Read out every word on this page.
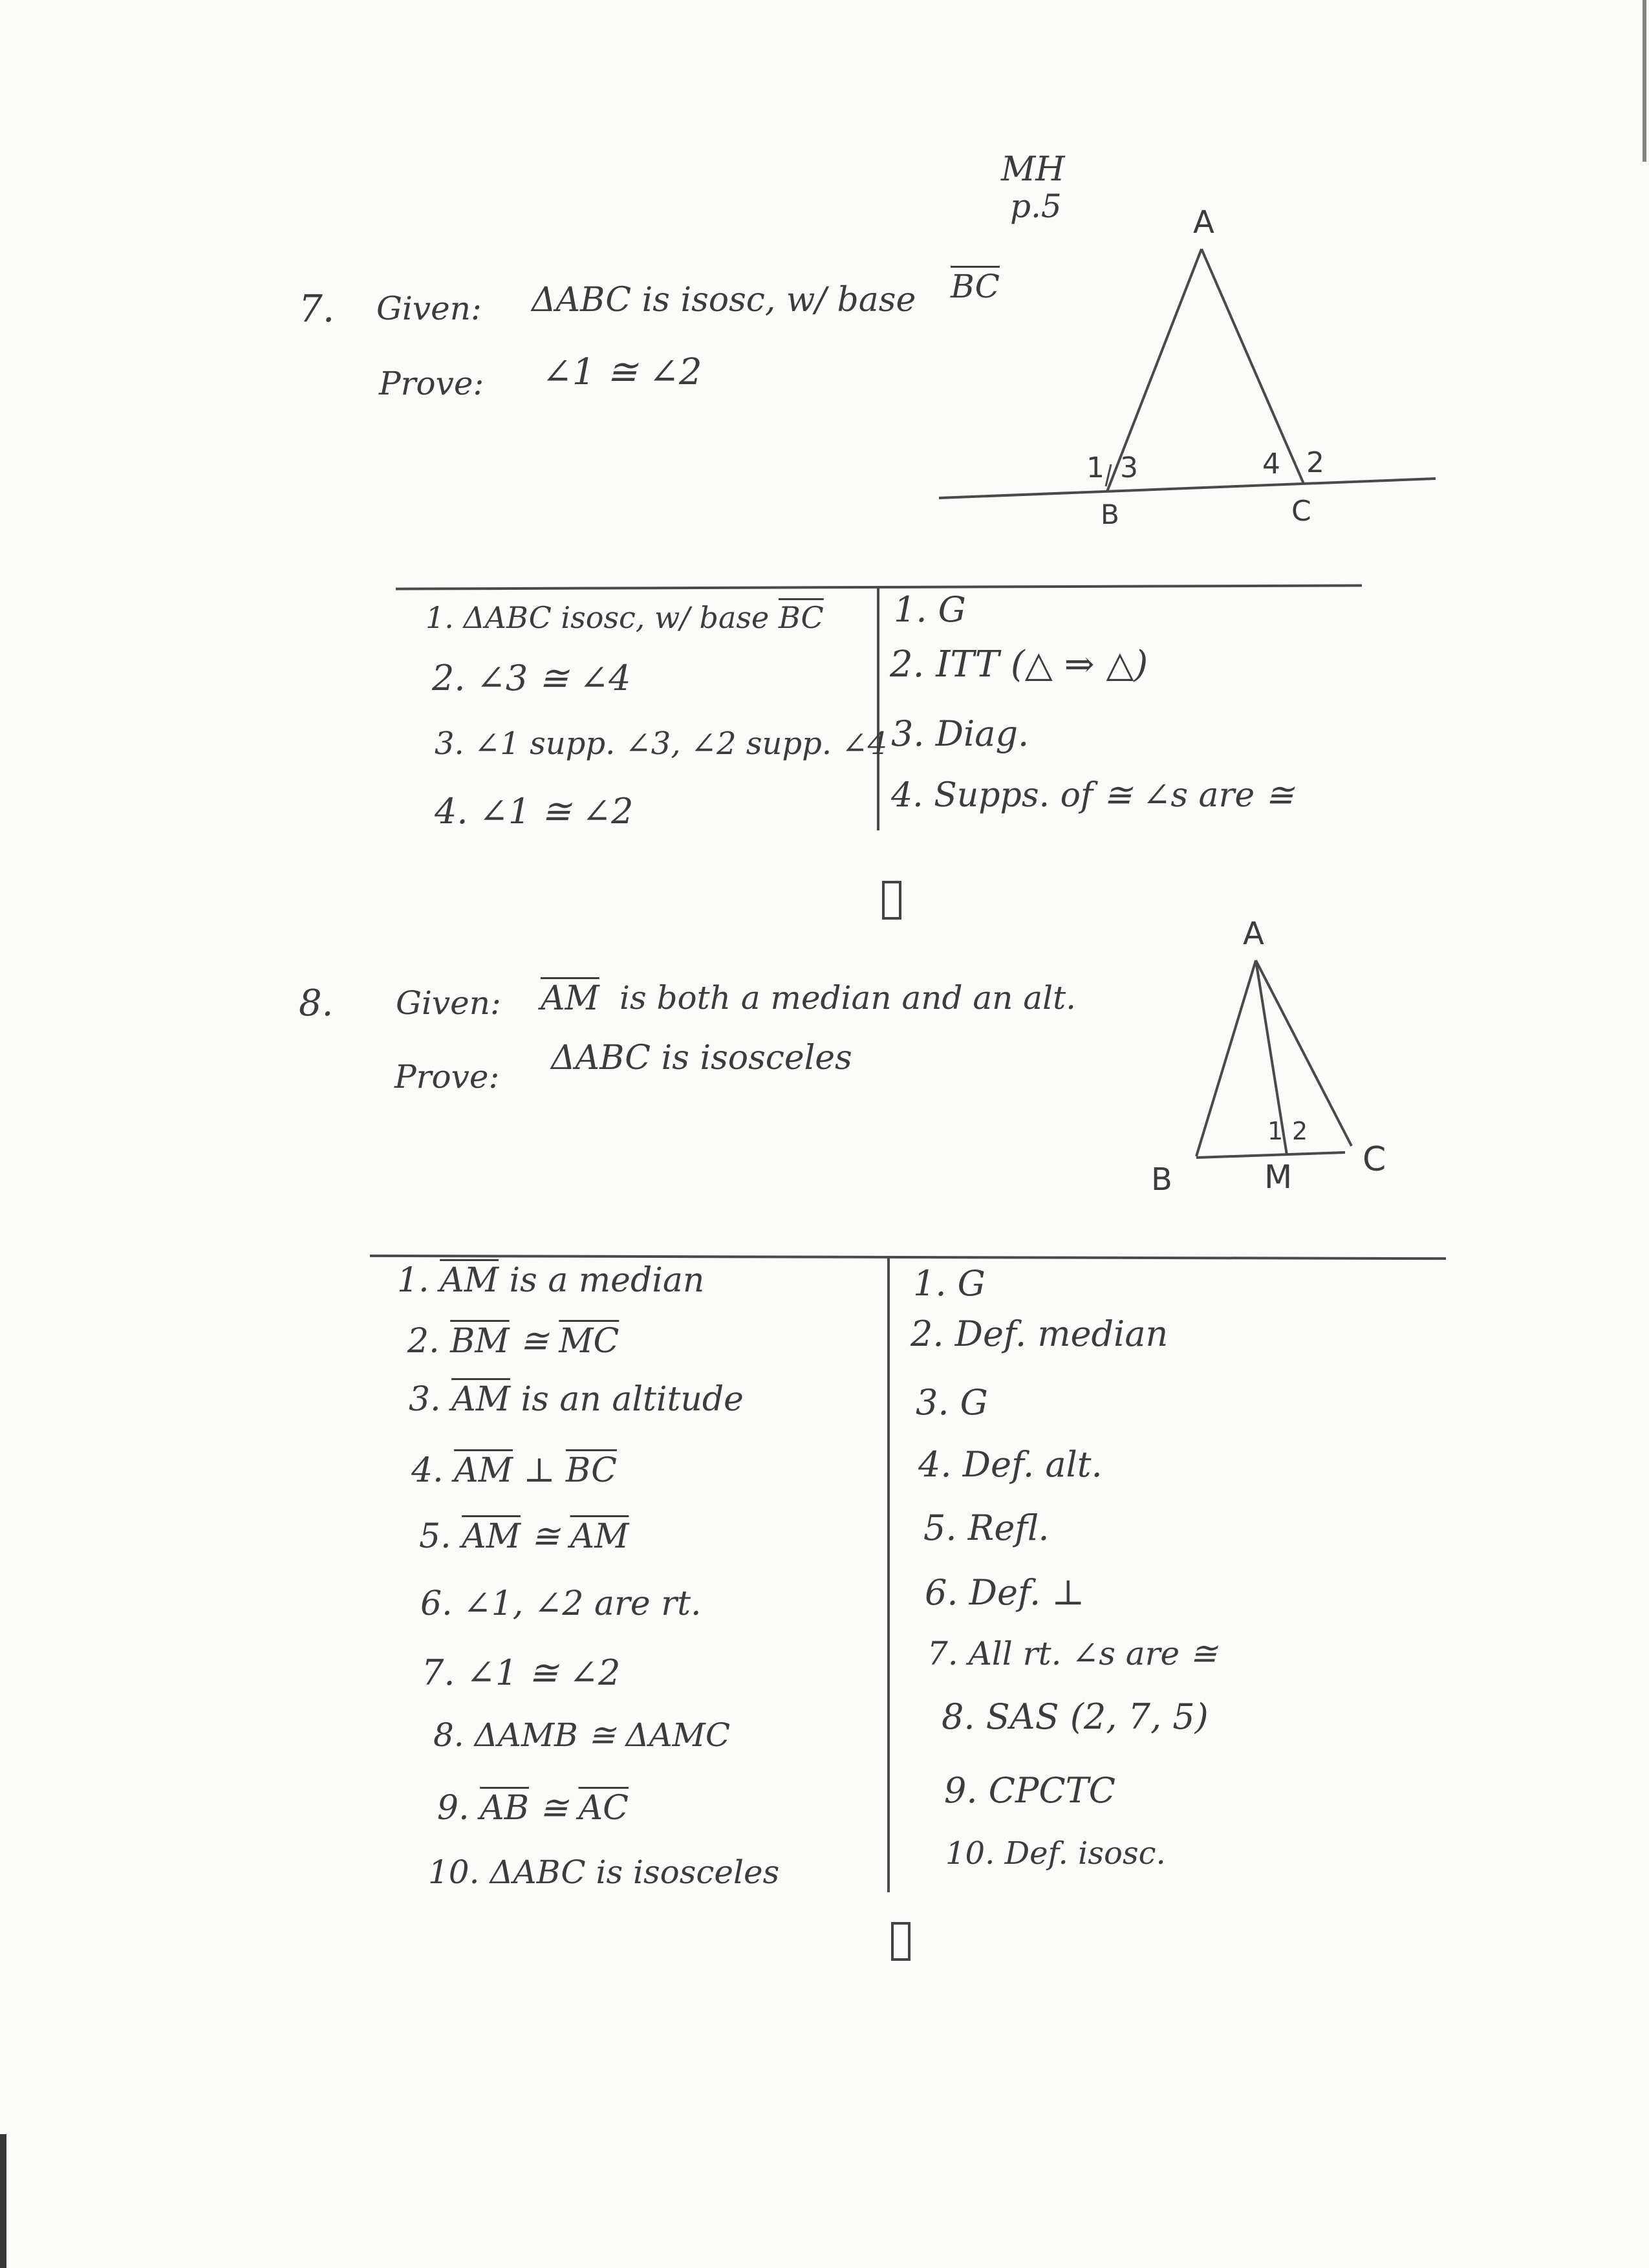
MH
p.5
7. Given: ΔABC is isosc, w/ base $\overline{BC}$
Prove: ∠1 ≅ ∠2
A
B	C
1 3	4 2
1. ΔABC isosc, w/ base $\overline{BC}$
2. ∠3 ≅ ∠4
3. ∠1 supp. ∠3, ∠2 supp. ∠4
4. ∠1 ≅ ∠2
1. G
2. ITT (△ ⇒ △)
3. Diag.
4. Supps. of ≅ ∠s are ≅
8. Given: $\overline{AM}$ is both a median and an alt.
Prove: ΔABC is isosceles
A
B
C
M
1 2
1. $\overline{AM}$ is a median
2. $\overline{BM}$ ≅ $\overline{MC}$
3. $\overline{AM}$ is an altitude
4. $\overline{AM}$ ⊥ $\overline{BC}$
5. $\overline{AM}$ ≅ $\overline{AM}$
6. ∠1, ∠2 are rt.
7. ∠1 ≅ ∠2
8. ΔAMB ≅ ΔAMC
9. $\overline{AB}$ ≅ $\overline{AC}$
10. ΔABC is isosceles
1. G
2. Def. median
3. G
4. Def. alt.
5. Refl.
6. Def. ⊥
7. All rt. ∠s are ≅
8. SAS (2, 7, 5)
9. CPCTC
10. Def. isosc.
